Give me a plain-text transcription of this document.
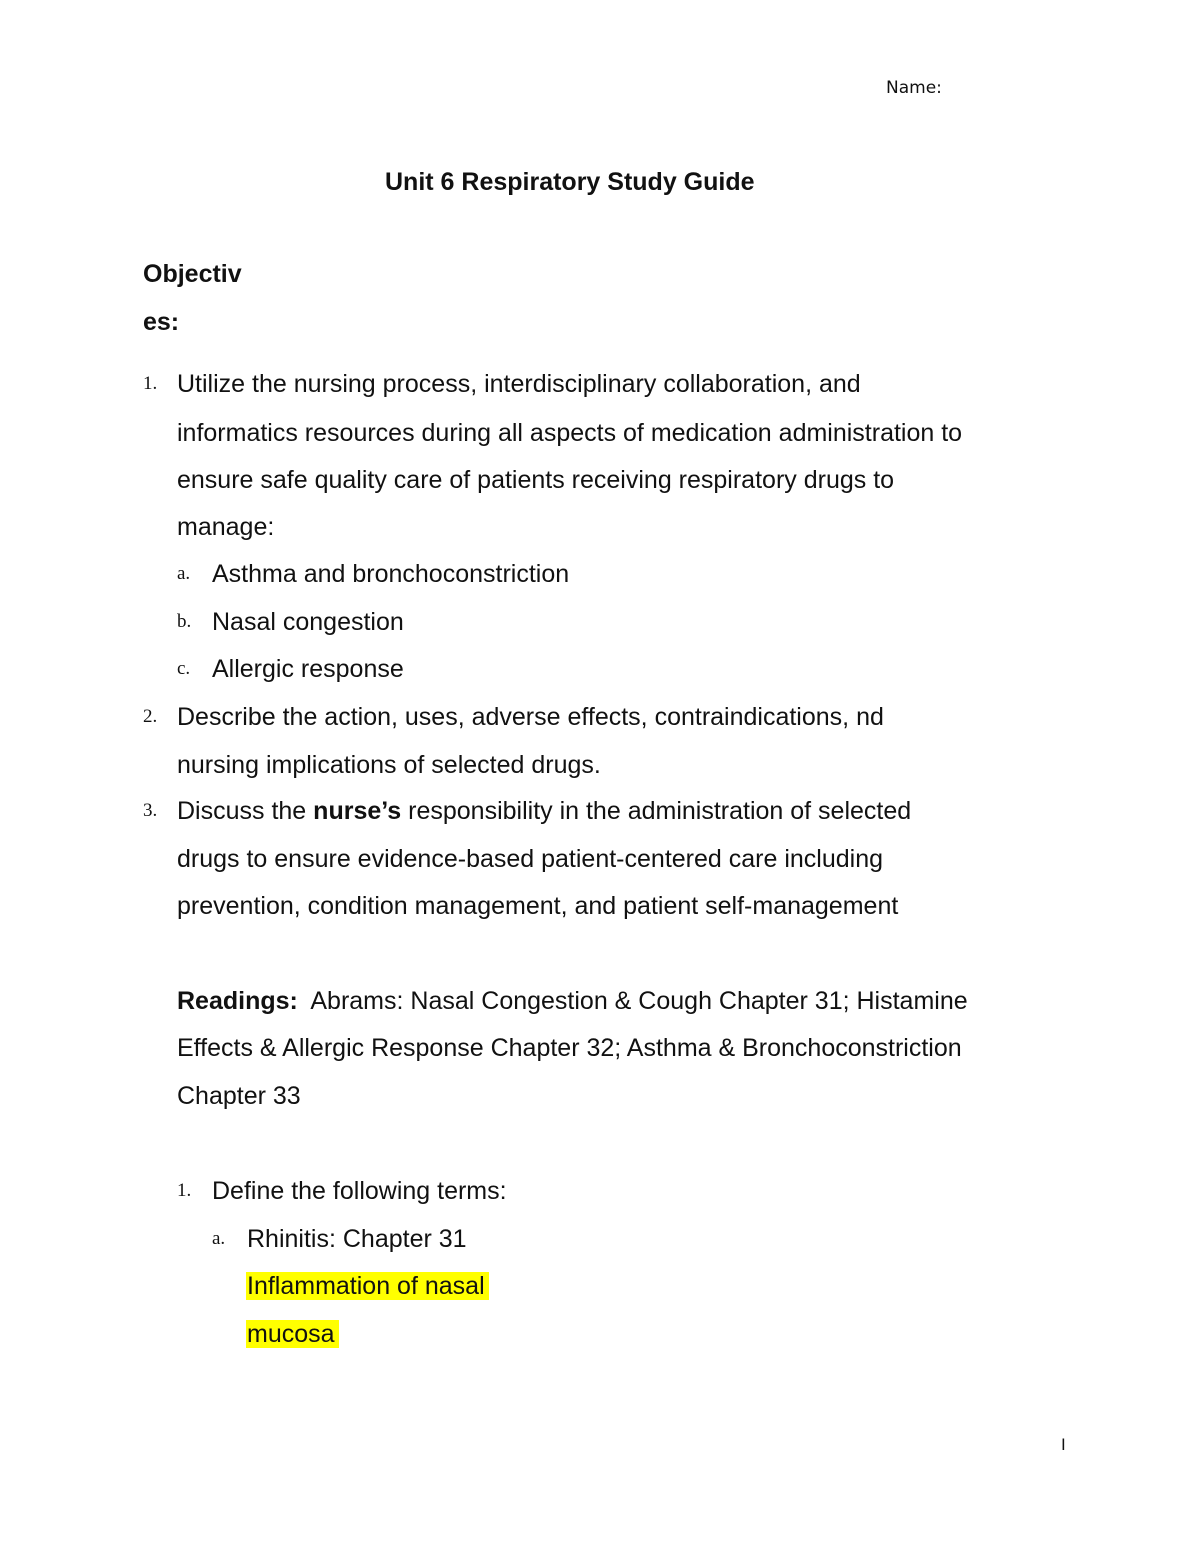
Name:
Unit 6 Respiratory Study Guide
Objectiv
es:
1. Utilize the nursing process, interdisciplinary collaboration, and
informatics resources during all aspects of medication administration to
ensure safe quality care of patients receiving respiratory drugs to
manage:
a. Asthma and bronchoconstriction
b. Nasal congestion
c. Allergic response
2. Describe the action, uses, adverse effects, contraindications, nd
nursing implications of selected drugs.
3. Discuss the nurse’s responsibility in the administration of selected
drugs to ensure evidence-based patient-centered care including
prevention, condition management, and patient self-management
Readings: Abrams: Nasal Congestion & Cough Chapter 31; Histamine
Effects & Allergic Response Chapter 32; Asthma & Bronchoconstriction
Chapter 33
1. Define the following terms:
a. Rhinitis: Chapter 31
Inflammation of nasal
mucosa
I
